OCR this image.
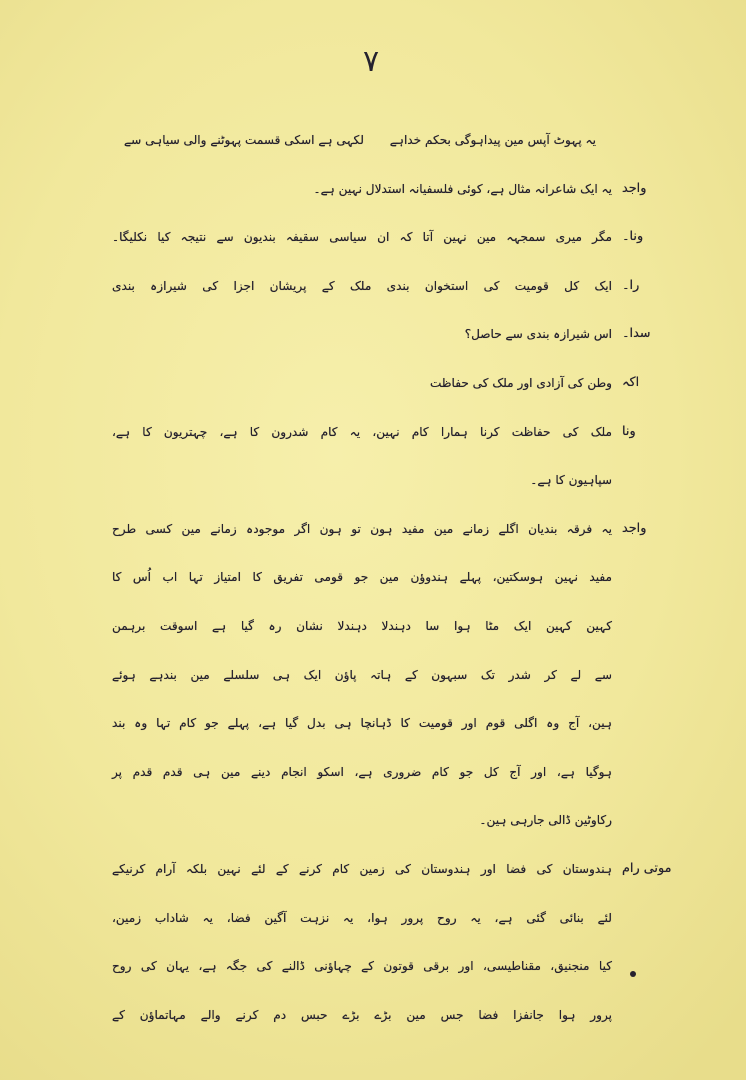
۷
یہ پہوٹ آپس مین پیداہوگی بحکم خداہے
لکہی ہے اسکی قسمت پہوٹنے والی سیاہی سے
واجد
یہ ایک شاعرانہ مثال ہے، کوئی فلسفیانہ استدلال نہین ہے۔
ونا۔
مگر میری سمجہہ مین نہین آتا کہ ان سیاسی سقیفہ بندیون سے نتیجہ کیا نکلیگا۔
را۔
ایک کل قومیت کی استخوان بندی ملک کے پریشان اجزا کی شیرازہ بندی
سدا۔
اس شیرازہ بندی سے حاصل؟
اکہ
وطن کی آزادی اور ملک کی حفاظت
ونا
ملک کی حفاظت کرنا ہمارا کام نہین، یہ کام شدرون کا ہے، چہتریون کا ہے،
سپاہیون کا ہے۔
واجد
یہ فرقہ بندیان اگلے زمانے مین مفید ہون تو ہون اگر موجودہ زمانے مین کسی طرح
مفید نہین ہوسکتین، پہلے ہندوؤن مین جو قومی تفریق کا امتیاز تہا اب اُس کا
کہین کہین ایک مٹا ہوا سا دہندلا دہندلا نشان رہ گیا ہے اسوقت برہمن
سے لے کر شدر تک سبہون کے ہاتہ پاؤن ایک ہی سلسلے مین بندہے ہوئے
ہین، آج وہ اگلی قوم اور قومیت کا ڈہانچا ہی بدل گیا ہے، پہلے جو کام تہا وہ بند
ہوگیا ہے، اور آج کل جو کام ضروری ہے، اسکو انجام دینے مین ہی قدم قدم پر
رکاوٹین ڈالی جارہی ہین۔
موتی رام
ہندوستان کی فضا اور ہندوستان کی زمین کام کرنے کے لئے نہین بلکہ آرام کرنیکے
لئے بنائی گئی ہے، یہ روح پرور ہوا، یہ نزہت آگین فضا، یہ شاداب زمین،
کیا منجنیق، مقناطیسی، اور برقی قوتون کے چہاؤنی ڈالنے کی جگہ ہے، یہان کی روح
پرور ہوا جانفزا فضا جس مین بڑے بڑے حبس دم کرنے والے مہاتماؤن کے
